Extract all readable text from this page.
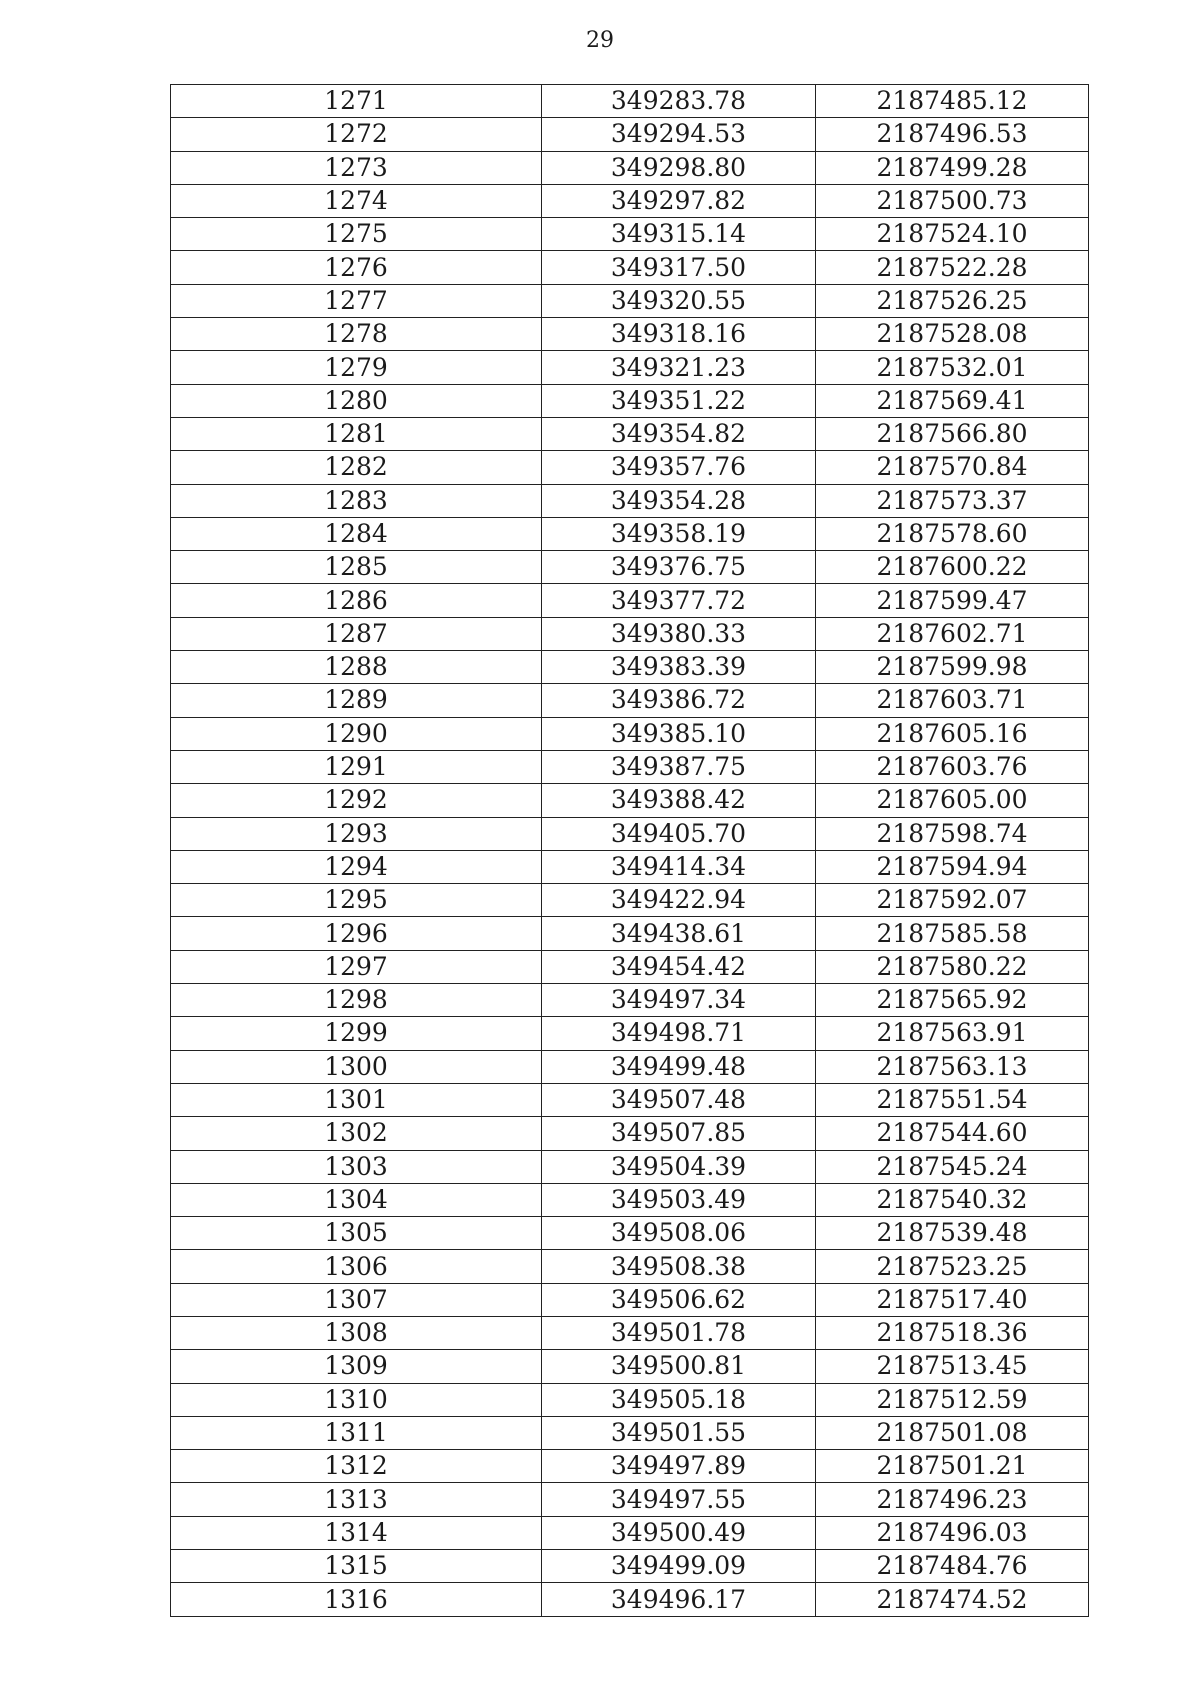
29
1271	349283.78	2187485.12
1272	349294.53	2187496.53
1273	349298.80	2187499.28
1274	349297.82	2187500.73
1275	349315.14	2187524.10
1276	349317.50	2187522.28
1277	349320.55	2187526.25
1278	349318.16	2187528.08
1279	349321.23	2187532.01
1280	349351.22	2187569.41
1281	349354.82	2187566.80
1282	349357.76	2187570.84
1283	349354.28	2187573.37
1284	349358.19	2187578.60
1285	349376.75	2187600.22
1286	349377.72	2187599.47
1287	349380.33	2187602.71
1288	349383.39	2187599.98
1289	349386.72	2187603.71
1290	349385.10	2187605.16
1291	349387.75	2187603.76
1292	349388.42	2187605.00
1293	349405.70	2187598.74
1294	349414.34	2187594.94
1295	349422.94	2187592.07
1296	349438.61	2187585.58
1297	349454.42	2187580.22
1298	349497.34	2187565.92
1299	349498.71	2187563.91
1300	349499.48	2187563.13
1301	349507.48	2187551.54
1302	349507.85	2187544.60
1303	349504.39	2187545.24
1304	349503.49	2187540.32
1305	349508.06	2187539.48
1306	349508.38	2187523.25
1307	349506.62	2187517.40
1308	349501.78	2187518.36
1309	349500.81	2187513.45
1310	349505.18	2187512.59
1311	349501.55	2187501.08
1312	349497.89	2187501.21
1313	349497.55	2187496.23
1314	349500.49	2187496.03
1315	349499.09	2187484.76
1316	349496.17	2187474.52
